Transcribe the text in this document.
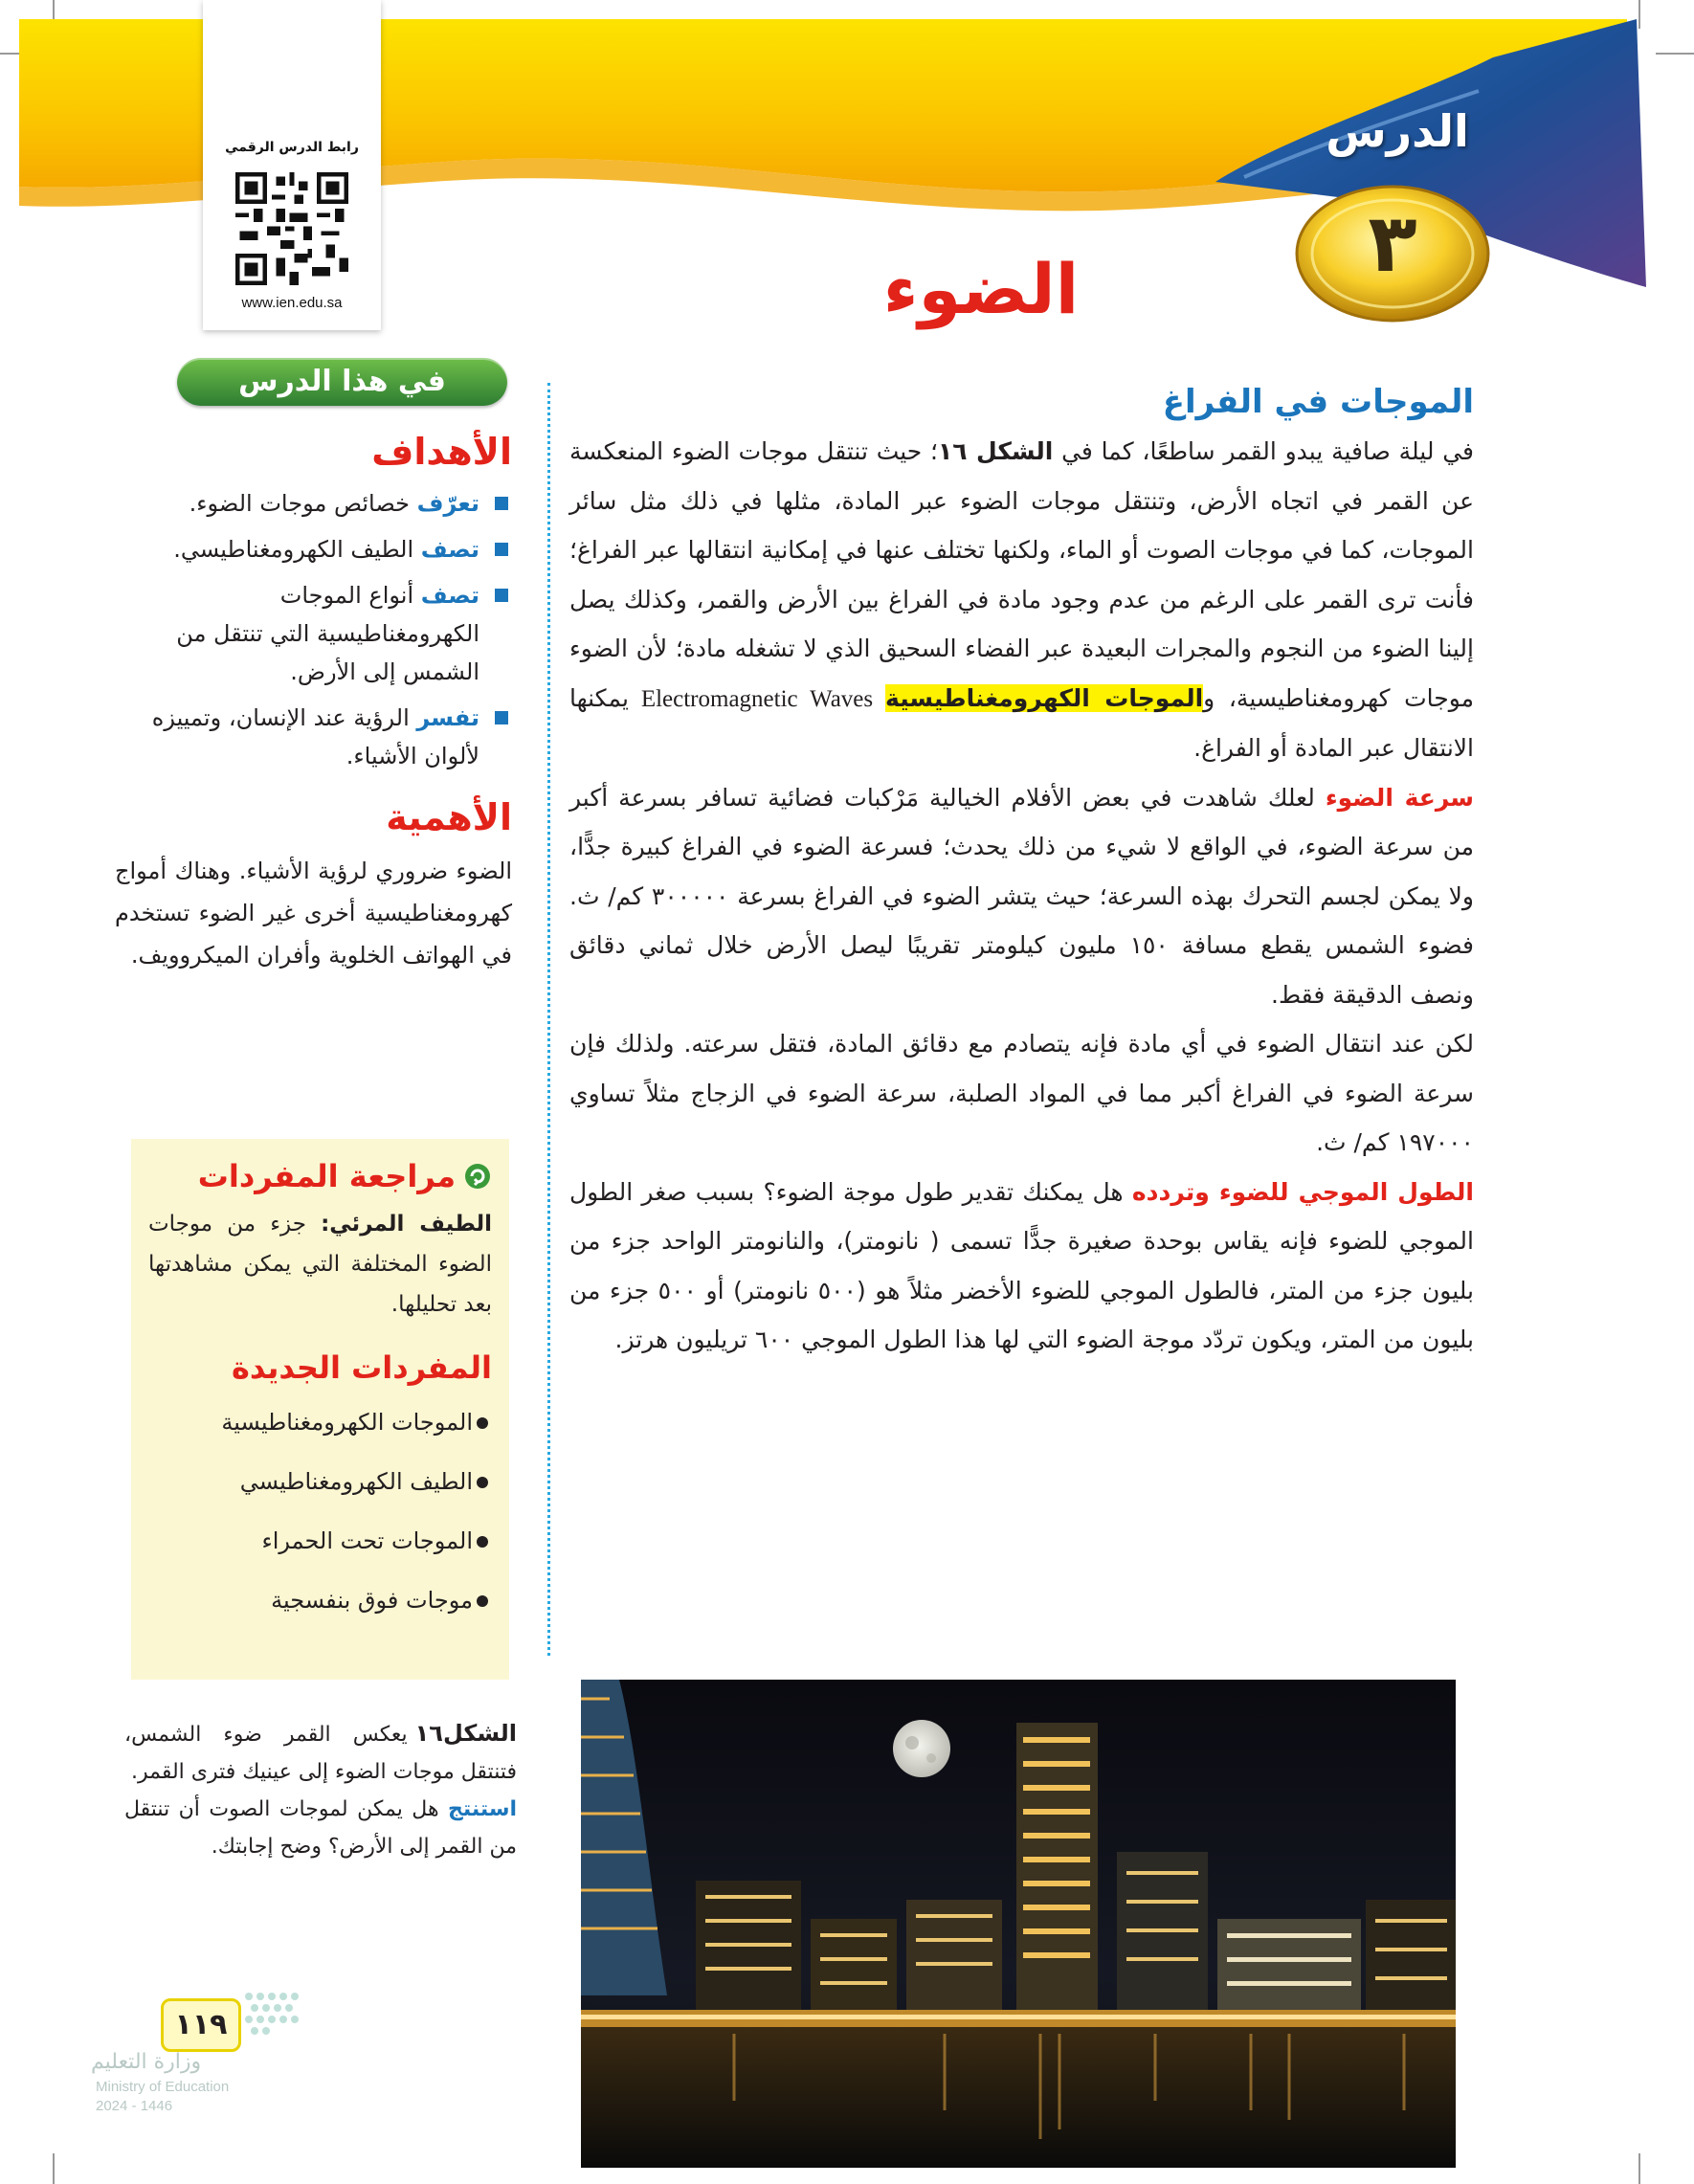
رابط الدرس الرقمي
www.ien.edu.sa
الدرس
٣
الضوء
الموجات في الفراغ

في ليلة صافية يبدو القمر ساطعًا، كما في الشكل ١٦؛ حيث تنتقل موجات الضوء المنعكسة عن القمر في اتجاه الأرض، وتنتقل موجات الضوء عبر المادة، مثلها في ذلك مثل سائر الموجات، كما في موجات الصوت أو الماء، ولكنها تختلف عنها في إمكانية انتقالها عبر الفراغ؛ فأنت ترى القمر على الرغم من عدم وجود مادة في الفراغ بين الأرض والقمر، وكذلك يصل إلينا الضوء من النجوم والمجرات البعيدة عبر الفضاء السحيق الذي لا تشغله مادة؛ لأن الضوء موجات كهرومغناطيسية، والموجات الكهرومغناطيسية Electromagnetic Waves يمكنها الانتقال عبر المادة أو الفراغ.

سرعة الضوء لعلك شاهدت في بعض الأفلام الخيالية مَرْكبات فضائية تسافر بسرعة أكبر من سرعة الضوء، في الواقع لا شيء من ذلك يحدث؛ فسرعة الضوء في الفراغ كبيرة جدًّا، ولا يمكن لجسم التحرك بهذه السرعة؛ حيث يتشر الضوء في الفراغ بسرعة ٣٠٠٠٠٠ كم/ ث. فضوء الشمس يقطع مسافة ١٥٠ مليون كيلومتر تقريبًا ليصل الأرض خلال ثماني دقائق ونصف الدقيقة فقط.

لكن عند انتقال الضوء في أي مادة فإنه يتصادم مع دقائق المادة، فتقل سرعته. ولذلك فإن سرعة الضوء في الفراغ أكبر مما في المواد الصلبة، سرعة الضوء في الزجاج مثلاً تساوي ١٩٧٠٠٠ كم/ ث.

الطول الموجي للضوء وتردده هل يمكنك تقدير طول موجة الضوء؟ بسبب صغر الطول الموجي للضوء فإنه يقاس بوحدة صغيرة جدًّا تسمى ( نانومتر)، والنانومتر الواحد جزء من بليون جزء من المتر، فالطول الموجي للضوء الأخضر مثلاً هو (٥٠٠ نانومتر) أو ٥٠٠ جزء من بليون من المتر، ويكون تردّد موجة الضوء التي لها هذا الطول الموجي ٦٠٠ تريليون هرتز.

في هذا الدرس
الأهداف
تعرّف خصائص موجات الضوء.
تصف الطيف الكهرومغناطيسي.
تصف أنواع الموجات الكهرومغناطيسية التي تنتقل من الشمس إلى الأرض.
تفسر الرؤية عند الإنسان، وتمييزه لألوان الأشياء.
الأهمية

الضوء ضروري لرؤية الأشياء. وهناك أمواج كهرومغناطيسية أخرى غير الضوء تستخدم في الهواتف الخلوية وأفران الميكروويف.

مراجعة المفردات

الطيف المرئي: جزء من موجات الضوء المختلفة التي يمكن مشاهدتها بعد تحليلها.

المفردات الجديدة
الموجات الكهرومغناطيسية
الطيف الكهرومغناطيسي
الموجات تحت الحمراء
موجات فوق بنفسجية

الشكل١٦يعكس القمر ضوء الشمس، فتنتقل موجات الضوء إلى عينيك فترى القمر.

استنتج هل يمكن لموجات الصوت أن تنتقل من القمر إلى الأرض؟ وضح إجابتك.

١١٩
وزارة التعليم
Ministry of Education
2024 - 1446
